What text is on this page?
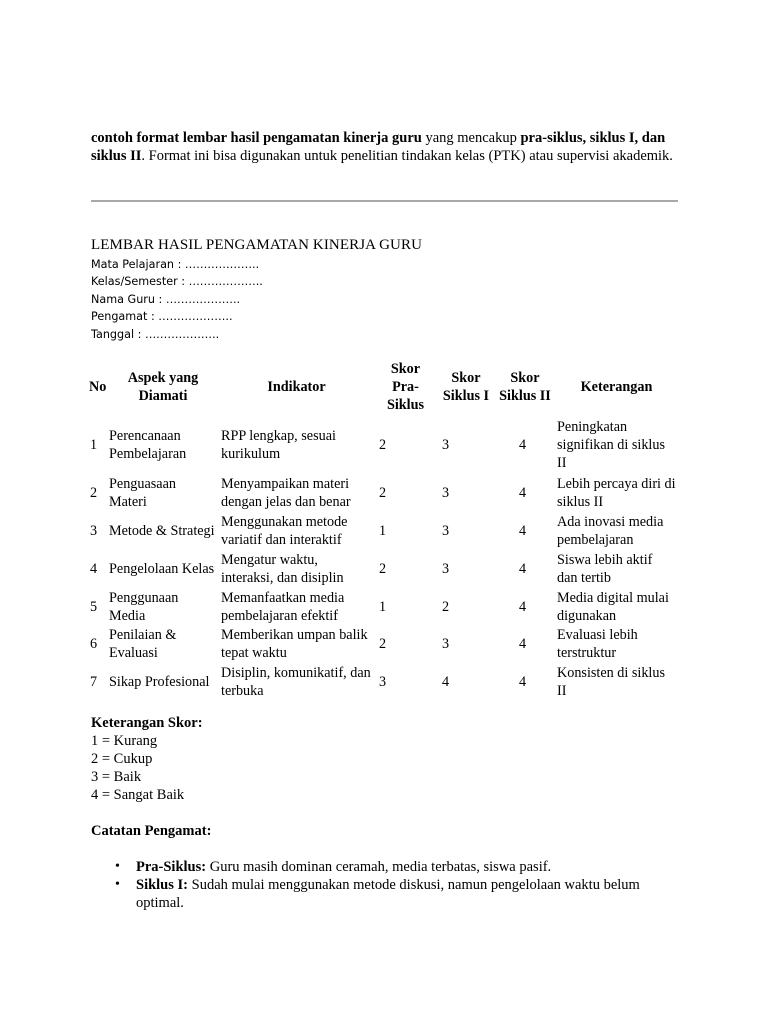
contoh format lembar hasil pengamatan kinerja guru yang mencakup pra-siklus, siklus I, dan siklus II. Format ini bisa digunakan untuk penelitian tindakan kelas (PTK) atau supervisi akademik.

LEMBAR HASIL PENGAMATAN KINERJA GURU
Mata Pelajaran : ………………..
Kelas/Semester : ………………..
Nama Guru : ………………..
Pengamat : ………………..
Tanggal : ………………..
No	Aspek yang Diamati	Indikator	Skor Pra-Siklus	Skor Siklus I	Skor Siklus II	Keterangan
1	Perencanaan Pembelajaran	RPP lengkap, sesuai kurikulum	2	3	4	Peningkatan signifikan di siklus II
2	Penguasaan Materi	Menyampaikan materi dengan jelas dan benar	2	3	4	Lebih percaya diri di siklus II
3	Metode & Strategi	Menggunakan metode variatif dan interaktif	1	3	4	Ada inovasi media pembelajaran
4	Pengelolaan Kelas	Mengatur waktu, interaksi, dan disiplin	2	3	4	Siswa lebih aktif dan tertib
5	Penggunaan Media	Memanfaatkan media pembelajaran efektif	1	2	4	Media digital mulai digunakan
6	Penilaian & Evaluasi	Memberikan umpan balik tepat waktu	2	3	4	Evaluasi lebih terstruktur
7	Sikap Profesional	Disiplin, komunikatif, dan terbuka	3	4	4	Konsisten di siklus II
Keterangan Skor:
1 = Kurang
2 = Cukup
3 = Baik
4 = Sangat Baik
Catatan Pengamat:
• Pra-Siklus: Guru masih dominan ceramah, media terbatas, siswa pasif.
• Siklus I: Sudah mulai menggunakan metode diskusi, namun pengelolaan waktu belum optimal.
